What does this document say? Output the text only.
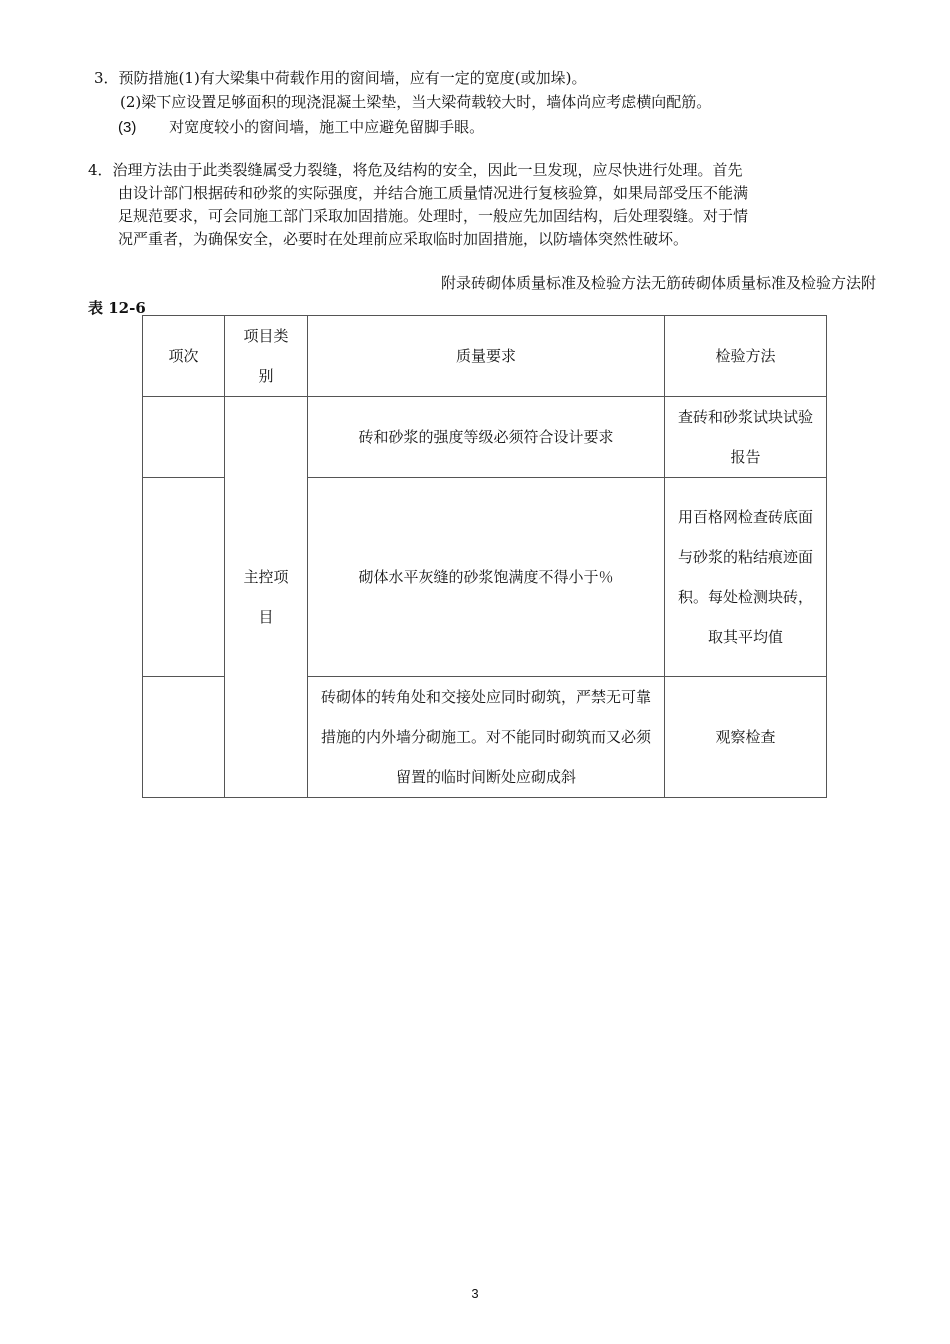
3．预防措施(1)有大梁集中荷载作用的窗间墙，应有一定的宽度(或加垛)。
(2)梁下应设置足够面积的现浇混凝土梁垫，当大梁荷载较大时，墙体尚应考虑横向配筋。
(3) 对宽度较小的窗间墙，施工中应避免留脚手眼。
4．治理方法由于此类裂缝属受力裂缝，将危及结构的安全，因此一旦发现，应尽快进行处理。首先
由设计部门根据砖和砂浆的实际强度，并结合施工质量情况进行复核验算，如果局部受压不能满
足规范要求，可会同施工部门采取加固措施。处理时，一般应先加固结构，后处理裂缝。对于情
况严重者，为确保安全，必要时在处理前应采取临时加固措施，以防墙体突然性破坏。
附录砖砌体质量标准及检验方法无筋砖砌体质量标准及检验方法附
表 12-6
项次	项目类别	质量要求	检验方法
	主控项目	砖和砂浆的强度等级必须符合设计要求	查砖和砂浆试块试验报告
		砌体水平灰缝的砂浆饱满度不得小于％	用百格网检查砖底面与砂浆的粘结痕迹面积。每处检测块砖，取其平均值
		砖砌体的转角处和交接处应同时砌筑，严禁无可靠措施的内外墙分砌施工。对不能同时砌筑而又必须留置的临时间断处应砌成斜	观察检查
3
